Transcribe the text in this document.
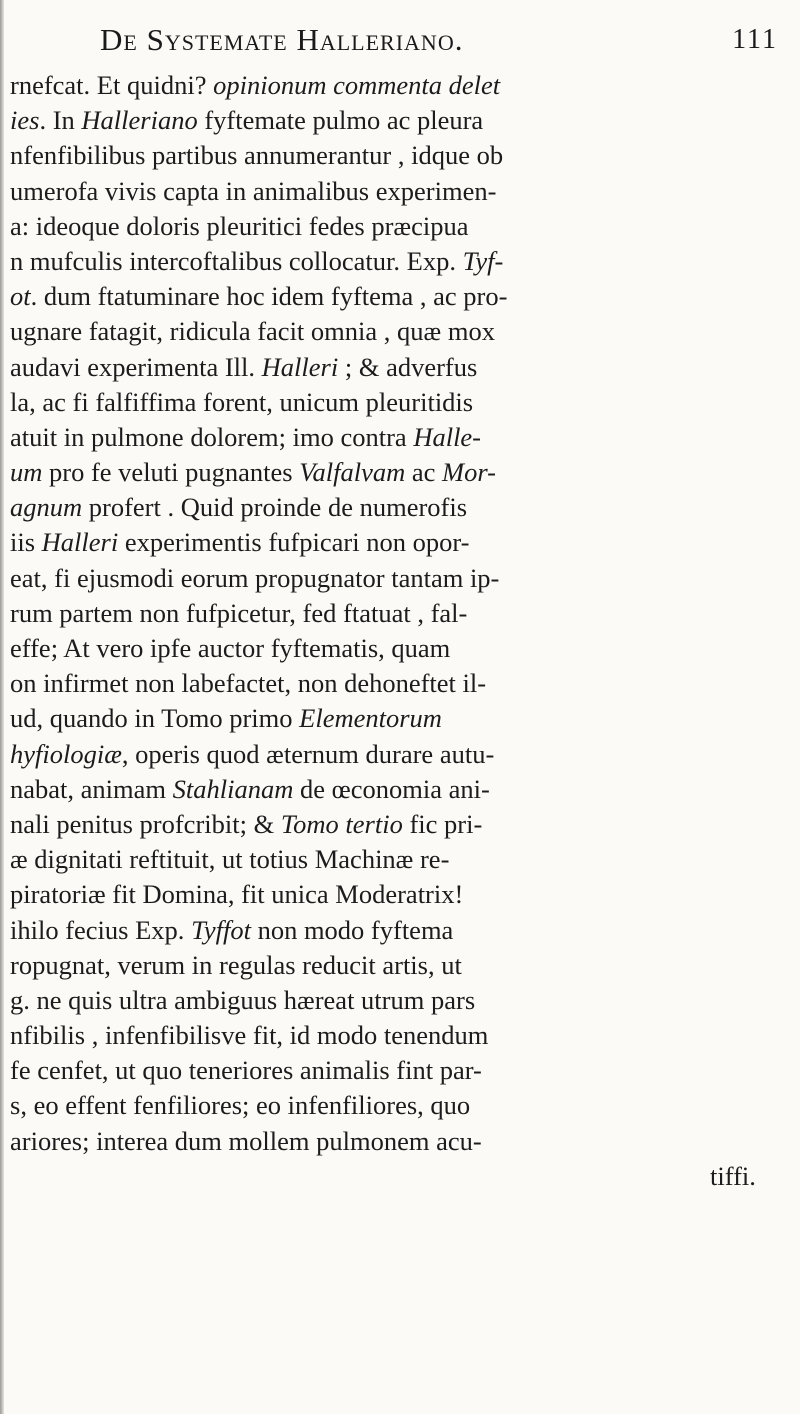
De Systemate Halleriano.	111
rnefcat. Et quidni? opinionum commenta delet
ies. In Halleriano fyftemate pulmo ac pleura
nfenfibilibus partibus annumerantur , idque ob
umerofa vivis capta in animalibus experimen-
a: ideoque doloris pleuritici fedes præcipua
n mufculis intercoftalibus collocatur. Exp. Tyf-
ot. dum ftatuminare hoc idem fyftema , ac pro-
ugnare fatagit, ridicula facit omnia , quæ mox
audavi experimenta Ill. Halleri ; & adverfus
la, ac fi falfiffima forent, unicum pleuritidis
atuit in pulmone dolorem; imo contra Halle-
um pro fe veluti pugnantes Valfalvam ac Mor-
agnum profert . Quid proinde de numerofis
iis Halleri experimentis fufpicari non opor-
eat, fi ejusmodi eorum propugnator tantam ip-
rum partem non fufpicetur, fed ftatuat , fal-
effe; At vero ipfe auctor fyftematis, quam
on infirmet non labefactet, non dehoneftet il-
ud, quando in Tomo primo Elementorum
hyfiologiæ, operis quod æternum durare autu-
nabat, animam Stahlianam de œconomia ani-
nali penitus profcribit; & Tomo tertio fic pri-
æ dignitati reftituit, ut totius Machinæ re-
piratoriæ fit Domina, fit unica Moderatrix!
ihilo fecius Exp. Tyffot non modo fyftema
ropugnat, verum in regulas reducit artis, ut
g. ne quis ultra ambiguus hæreat utrum pars
nfibilis , infenfibilisve fit, id modo tenendum
fe cenfet, ut quo teneriores animalis fint par-
s, eo effent fenfiliores; eo infenfiliores, quo
ariores; interea dum mollem pulmonem acu-
tiffi.
